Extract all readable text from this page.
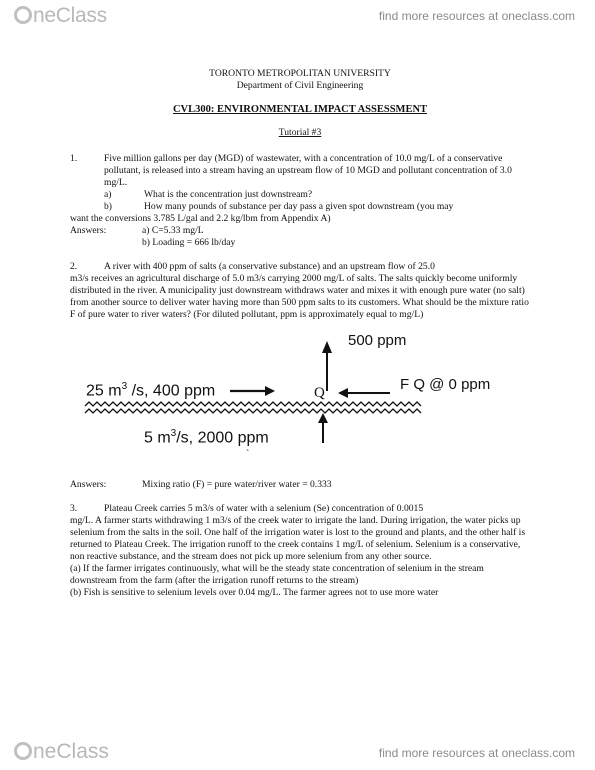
neClass	find more resources at oneclass.com
TORONTO METROPOLITAN UNIVERSITY
Department of Civil Engineering
CVL300: ENVIRONMENTAL IMPACT ASSESSMENT
Tutorial #3
1.	Five million gallons per day (MGD) of wastewater, with a concentration of 10.0 mg/L of a conservative pollutant, is released into a stream having an upstream flow of 10 MGD and pollutant concentration of 3.0 mg/L.
a)	What is the concentration just downstream?
b)	How many pounds of substance per day pass a given spot downstream (you may
want the conversions 3.785 L/gal and 2.2 kg/lbm from Appendix A)
Answers:	a) C=5.33 mg/L
b) Loading = 666 lb/day
2.	A river with 400 ppm of salts (a conservative substance) and an upstream flow of 25.0
m3/s receives an agricultural discharge of 5.0 m3/s carrying 2000 mg/L of salts. The salts quickly become uniformly distributed in the river. A municipality just downstream withdraws water and mixes it with enough pure water (no salt) from another source to deliver water having more than 500 ppm salts to its customers. What should be the mixture ratio F of pure water to river waters? (For diluted pollutant, ppm is approximately equal to mg/L)
500 ppm
25 $m^3$ /s, 400 ppm	Q	F Q @ 0 ppm
5 $m^3/s$, 2000 ppm
`
Answers:	Mixing ratio (F) = pure water/river water = 0.333
3.	Plateau Creek carries 5 m3/s of water with a selenium (Se) concentration of 0.0015
mg/L. A farmer starts withdrawing 1 m3/s of the creek water to irrigate the land. During irrigation, the water picks up selenium from the salts in the soil. One half of the irrigation water is lost to the ground and plants, and the other half is returned to Plateau Creek. The irrigation runoff to the creek contains 1 mg/L of selenium. Selenium is a conservative, non reactive substance, and the stream does not pick up more selenium from any other source.
(a) If the farmer irrigates continuously, what will be the steady state concentration of selenium in the stream downstream from the farm (after the irrigation runoff returns to the stream)
(b) Fish is sensitive to selenium levels over 0.04 mg/L. The farmer agrees not to use more water
neClass	find more resources at oneclass.com
